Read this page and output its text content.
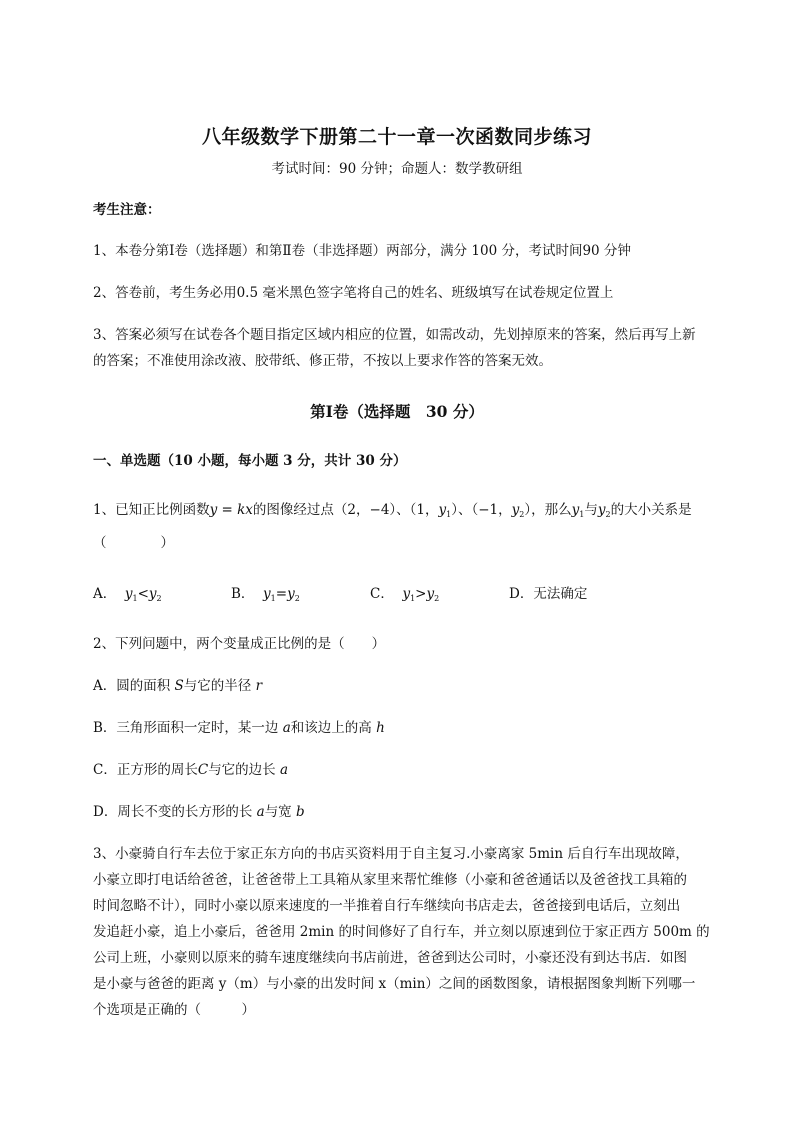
八年级数学下册第二十一章一次函数同步练习
考试时间：90 分钟；命题人：数学教研组
考生注意：
1、本卷分第Ⅰ卷（选择题）和第Ⅱ卷（非选择题）两部分，满分 100 分，考试时间90 分钟
2、答卷前，考生务必用0.5 毫米黑色签字笔将自己的姓名、班级填写在试卷规定位置上
3、答案必须写在试卷各个题目指定区域内相应的位置，如需改动，先划掉原来的答案，然后再写上新
的答案；不准使用涂改液、胶带纸、修正带，不按以上要求作答的答案无效。
第Ⅰ卷（选择题　30 分）
一、单选题（10 小题，每小题 3 分，共计 30 分）
1、已知正比例函数y = kx的图像经过点（2，−4）、（1，$y_1$）、（−1，$y_2$），那么$y_1$与$y_2$的大小关系是
（　　　　）
A． $y_1<y_2$	B． $y_1=y_2$	C． $y_1>y_2$	D．无法确定
2、下列问题中，两个变量成正比例的是（　　）
A．圆的面积 S与它的半径 r
B．三角形面积一定时，某一边 a和该边上的高 h
C．正方形的周长C与它的边长 a
D．周长不变的长方形的长 a与宽 b
3、小豪骑自行车去位于家正东方向的书店买资料用于自主复习.小豪离家 5min 后自行车出现故障，
小豪立即打电话给爸爸，让爸爸带上工具箱从家里来帮忙维修（小豪和爸爸通话以及爸爸找工具箱的
时间忽略不计），同时小豪以原来速度的一半推着自行车继续向书店走去，爸爸接到电话后，立刻出
发追赶小豪，追上小豪后，爸爸用 2min 的时间修好了自行车，并立刻以原速到位于家正西方 500m 的
公司上班，小豪则以原来的骑车速度继续向书店前进，爸爸到达公司时，小豪还没有到达书店．如图
是小豪与爸爸的距离 y（m）与小豪的出发时间 x（min）之间的函数图象，请根据图象判断下列哪一
个选项是正确的（　　　）
